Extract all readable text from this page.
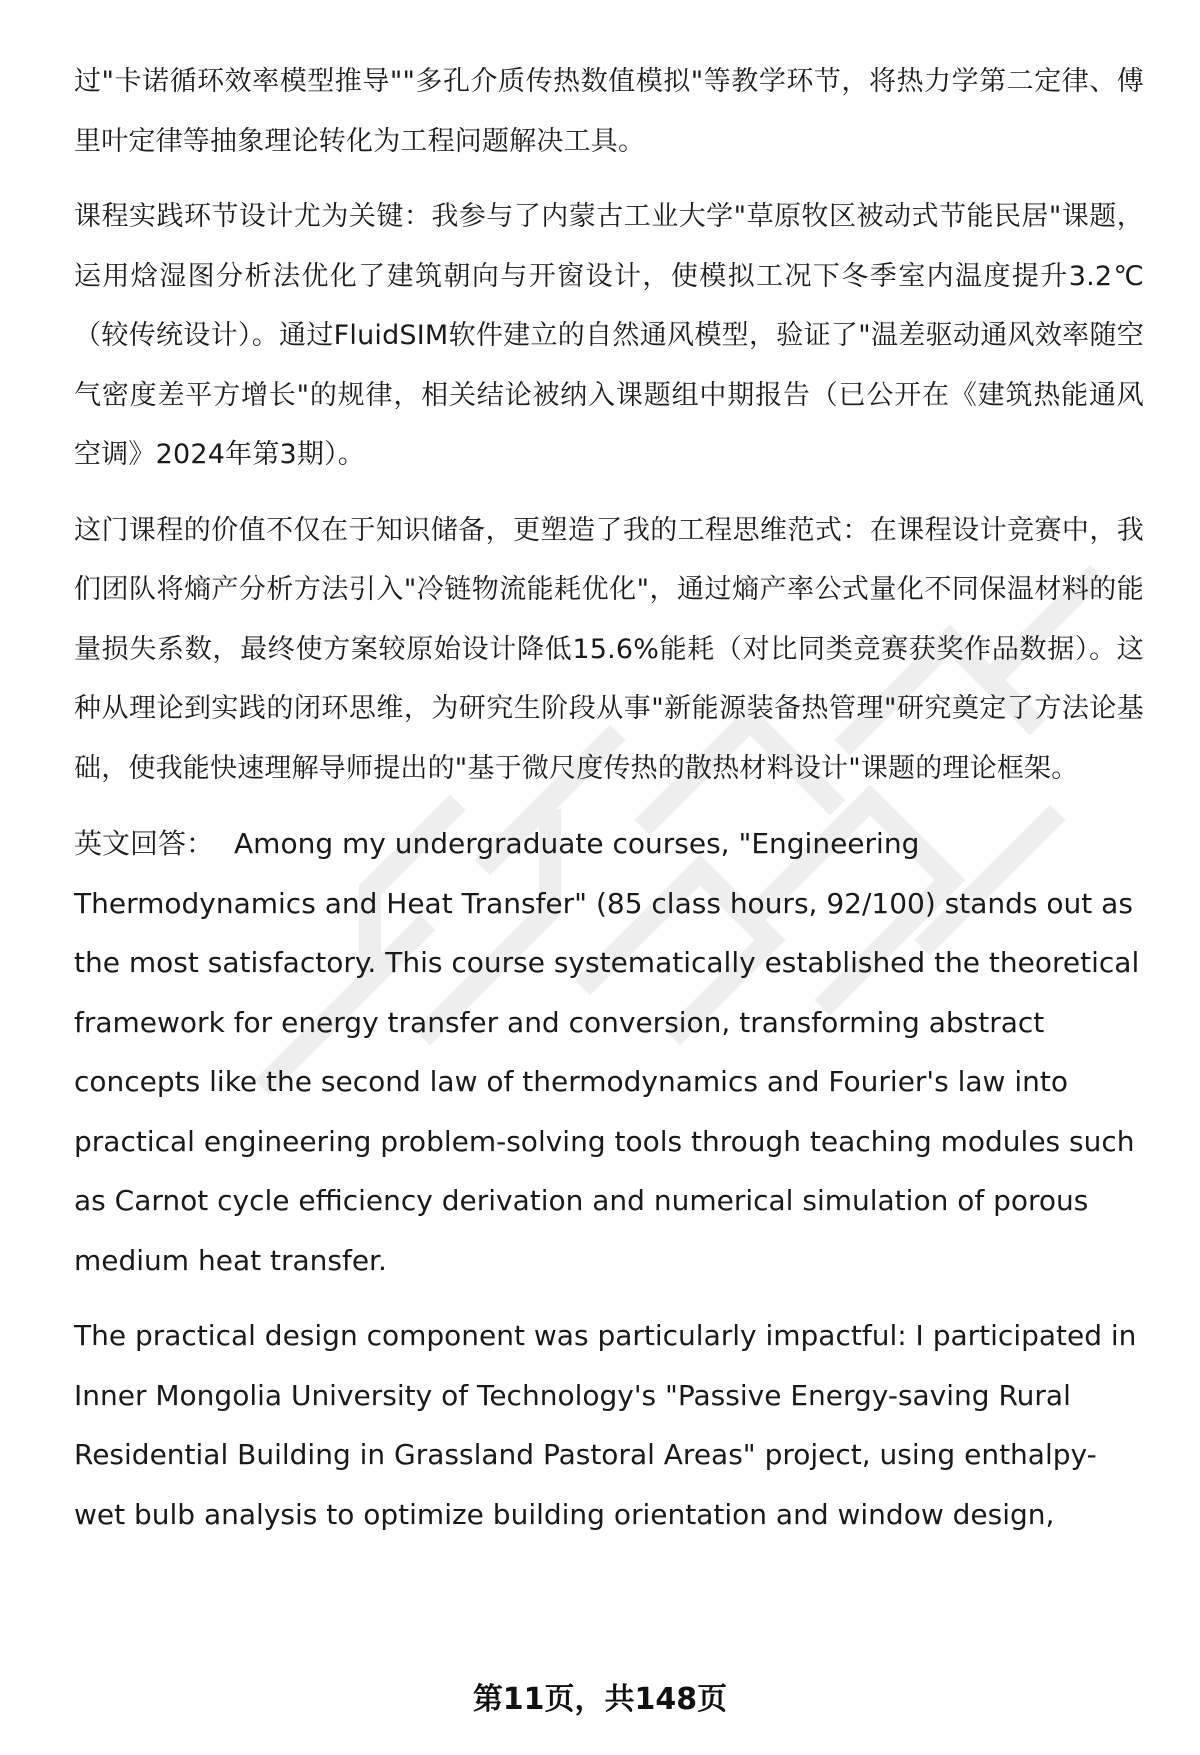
过"卡诺循环效率模型推导""多孔介质传热数值模拟"等教学环节，将热力学第二定律、傅里叶定律等抽象理论转化为工程问题解决工具。

课程实践环节设计尤为关键：我参与了内蒙古工业大学"草原牧区被动式节能民居"课题，运用焓湿图分析法优化了建筑朝向与开窗设计，使模拟工况下冬季室内温度提升3.2℃（较传统设计）。通过FluidSIM软件建立的自然通风模型，验证了"温差驱动通风效率随空气密度差平方增长"的规律，相关结论被纳入课题组中期报告（已公开在《建筑热能通风空调》2024年第3期）。

这门课程的价值不仅在于知识储备，更塑造了我的工程思维范式：在课程设计竞赛中，我们团队将熵产分析方法引入"冷链物流能耗优化"，通过熵产率公式量化不同保温材料的能量损失系数，最终使方案较原始设计降低15.6%能耗（对比同类竞赛获奖作品数据）。这种从理论到实践的闭环思维，为研究生阶段从事"新能源装备热管理"研究奠定了方法论基础，使我能快速理解导师提出的"基于微尺度传热的散热材料设计"课题的理论框架。

英文回答： Among my undergraduate courses, "Engineering Thermodynamics and Heat Transfer" (85 class hours, 92/100) stands out as the most satisfactory. This course systematically established the theoretical framework for energy transfer and conversion, transforming abstract concepts like the second law of thermodynamics and Fourier's law into practical engineering problem-solving tools through teaching modules such as Carnot cycle efficiency derivation and numerical simulation of porous medium heat transfer.

The practical design component was particularly impactful: I participated in Inner Mongolia University of Technology's "Passive Energy-saving Rural Residential Building in Grassland Pastoral Areas" project, using enthalpy-wet bulb analysis to optimize building orientation and window design,

第11页，共148页
